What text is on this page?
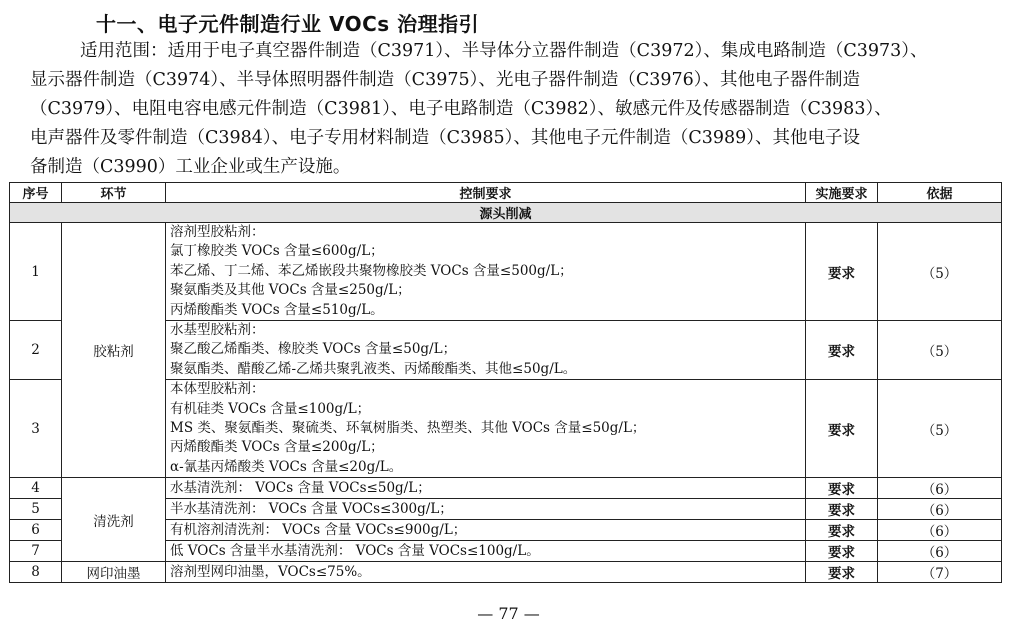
十一、电子元件制造行业 VOCs 治理指引

适用范围：适用于电子真空器件制造（C3971）、半导体分立器件制造（C3972）、集成电路制造（C3973）、

显示器件制造（C3974）、半导体照明器件制造（C3975）、光电子器件制造（C3976）、其他电子器件制造

（C3979）、电阻电容电感元件制造（C3981）、电子电路制造（C3982）、敏感元件及传感器制造（C3983）、

电声器件及零件制造（C3984）、电子专用材料制造（C3985）、其他电子元件制造（C3989）、其他电子设

备制造（C3990）工业企业或生产设施。

序号	环节	控制要求	实施要求	依据
源头削减				
1	胶粘剂	溶剂型胶粘剂：
氯丁橡胶类 VOCs 含量≤600g/L；
苯乙烯、丁二烯、苯乙烯嵌段共聚物橡胶类 VOCs 含量≤500g/L；
聚氨酯类及其他 VOCs 含量≤250g/L；
丙烯酸酯类 VOCs 含量≤510g/L。	要求	（5）
2		水基型胶粘剂：
聚乙酸乙烯酯类、橡胶类 VOCs 含量≤50g/L；
聚氨酯类、醋酸乙烯-乙烯共聚乳液类、丙烯酸酯类、其他≤50g/L。	要求	（5）
3		本体型胶粘剂：
有机硅类 VOCs 含量≤100g/L；
MS 类、聚氨酯类、聚硫类、环氧树脂类、热塑类、其他 VOCs 含量≤50g/L；
丙烯酸酯类 VOCs 含量≤200g/L；
α-氰基丙烯酸类 VOCs 含量≤20g/L。	要求	（5）
4	清洗剂	水基清洗剂： VOCs 含量 VOCs≤50g/L；	要求	（6）
5		半水基清洗剂： VOCs 含量 VOCs≤300g/L；	要求	（6）
6		有机溶剂清洗剂： VOCs 含量 VOCs≤900g/L；	要求	（6）
7		低 VOCs 含量半水基清洗剂： VOCs 含量 VOCs≤100g/L。	要求	（6）
8	网印油墨	溶剂型网印油墨，VOCs≤75%。	要求	（7）
— 77 —
